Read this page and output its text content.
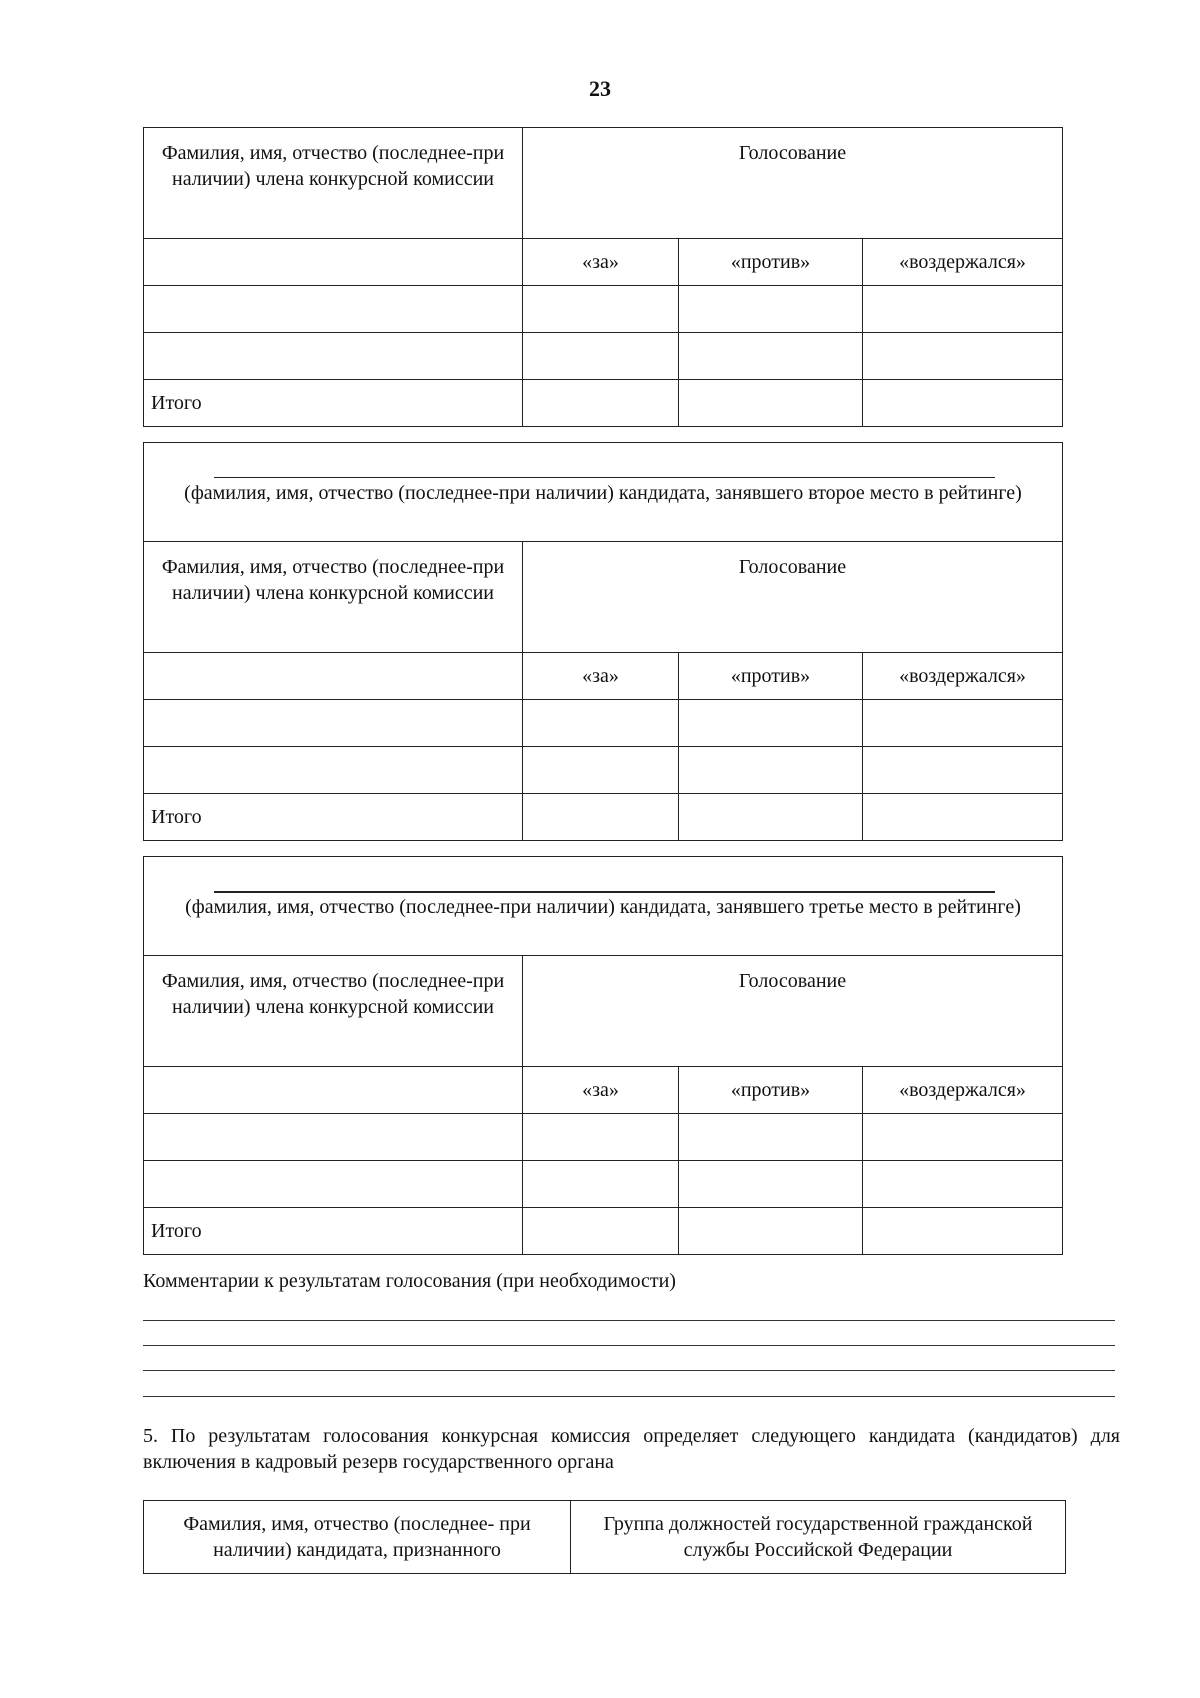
23
Фамилия, имя, отчество (последнее-при наличии) члена конкурсной комиссии	Голосование		
	«за»	«против»	«воздержался»

Итого			
(фамилия, имя, отчество (последнее-при наличии) кандидата, занявшего второе место в рейтинге)			

Фамилия, имя, отчество (последнее-при наличии) члена конкурсной комиссии	Голосование		
	«за»	«против»	«воздержался»

Итого			
(фамилия, имя, отчество (последнее-при наличии) кандидата, занявшего третье место в рейтинге)			

Фамилия, имя, отчество (последнее-при наличии) члена конкурсной комиссии	Голосование		
	«за»	«против»	«воздержался»

Итого			
Комментарии к результатам голосования (при необходимости)
5. По результатам голосования конкурсная комиссия определяет следующего кандидата (кандидатов) для включения в кадровый резерв государственного органа
Фамилия, имя, отчество (последнее- при наличии) кандидата, признанного	Группа должностей государственной гражданской службы Российской Федерации
